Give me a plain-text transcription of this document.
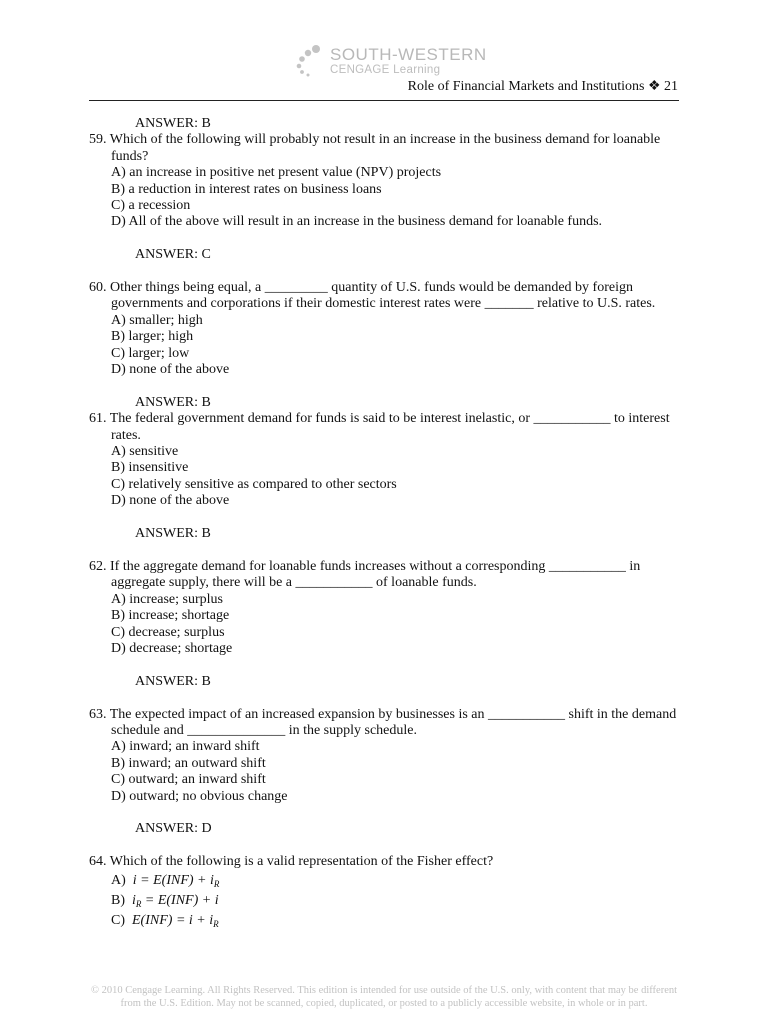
SOUTH-WESTERN
CENGAGE Learning
Role of Financial Markets and Institutions ❖ 21

ANSWER: B

59. Which of the following will probably not result in an increase in the business demand for loanable funds?

A) an increase in positive net present value (NPV) projects
B) a reduction in interest rates on business loans
C) a recession
D) All of the above will result in an increase in the business demand for loanable funds.

ANSWER: C

60. Other things being equal, a _________ quantity of U.S. funds would be demanded by foreign governments and corporations if their domestic interest rates were _______ relative to U.S. rates.

A) smaller; high
B) larger; high
C) larger; low
D) none of the above

ANSWER: B

61. The federal government demand for funds is said to be interest inelastic, or ___________ to interest rates.

A) sensitive
B) insensitive
C) relatively sensitive as compared to other sectors
D) none of the above

ANSWER: B

62. If the aggregate demand for loanable funds increases without a corresponding ___________ in aggregate supply, there will be a ___________ of loanable funds.

A) increase; surplus
B) increase; shortage
C) decrease; surplus
D) decrease; shortage

ANSWER: B

63. The expected impact of an increased expansion by businesses is an ___________ shift in the demand schedule and ______________ in the supply schedule.

A) inward; an inward shift
B) inward; an outward shift
C) outward; an inward shift
D) outward; no obvious change

ANSWER: D

64. Which of the following is a valid representation of the Fisher effect?

A) $i = E(INF) + i_R$
B) $i_R = E(INF) + i$
C) $E(INF) = i + i_R$
© 2010 Cengage Learning. All Rights Reserved. This edition is intended for use outside of the U.S. only, with content that may be different from the U.S. Edition. May not be scanned, copied, duplicated, or posted to a publicly accessible website, in whole or in part.
